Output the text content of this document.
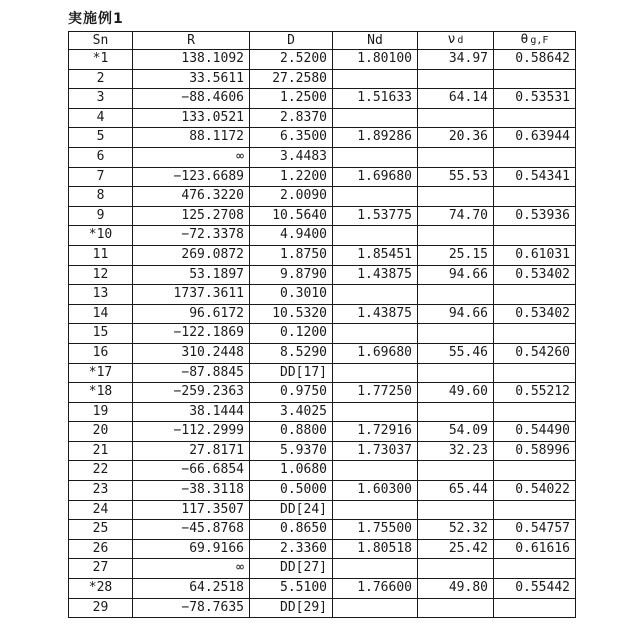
実施例1
Sn	R	D	Nd	ν d	θ g,F
*1	138.1092	2.5200	1.80100	34.97	0.58642
2	33.5611	27.2580			
3	−88.4606	1.2500	1.51633	64.14	0.53531
4	133.0521	2.8370			
5	88.1172	6.3500	1.89286	20.36	0.63944
6	∞	3.4483			
7	−123.6689	1.2200	1.69680	55.53	0.54341
8	476.3220	2.0090			
9	125.2708	10.5640	1.53775	74.70	0.53936
*10	−72.3378	4.9400			
11	269.0872	1.8750	1.85451	25.15	0.61031
12	53.1897	9.8790	1.43875	94.66	0.53402
13	1737.3611	0.3010			
14	96.6172	10.5320	1.43875	94.66	0.53402
15	−122.1869	0.1200			
16	310.2448	8.5290	1.69680	55.46	0.54260
*17	−87.8845	DD[17]			
*18	−259.2363	0.9750	1.77250	49.60	0.55212
19	38.1444	3.4025			
20	−112.2999	0.8800	1.72916	54.09	0.54490
21	27.8171	5.9370	1.73037	32.23	0.58996
22	−66.6854	1.0680			
23	−38.3118	0.5000	1.60300	65.44	0.54022
24	117.3507	DD[24]			
25	−45.8768	0.8650	1.75500	52.32	0.54757
26	69.9166	2.3360	1.80518	25.42	0.61616
27	∞	DD[27]			
*28	64.2518	5.5100	1.76600	49.80	0.55442
29	−78.7635	DD[29]			
